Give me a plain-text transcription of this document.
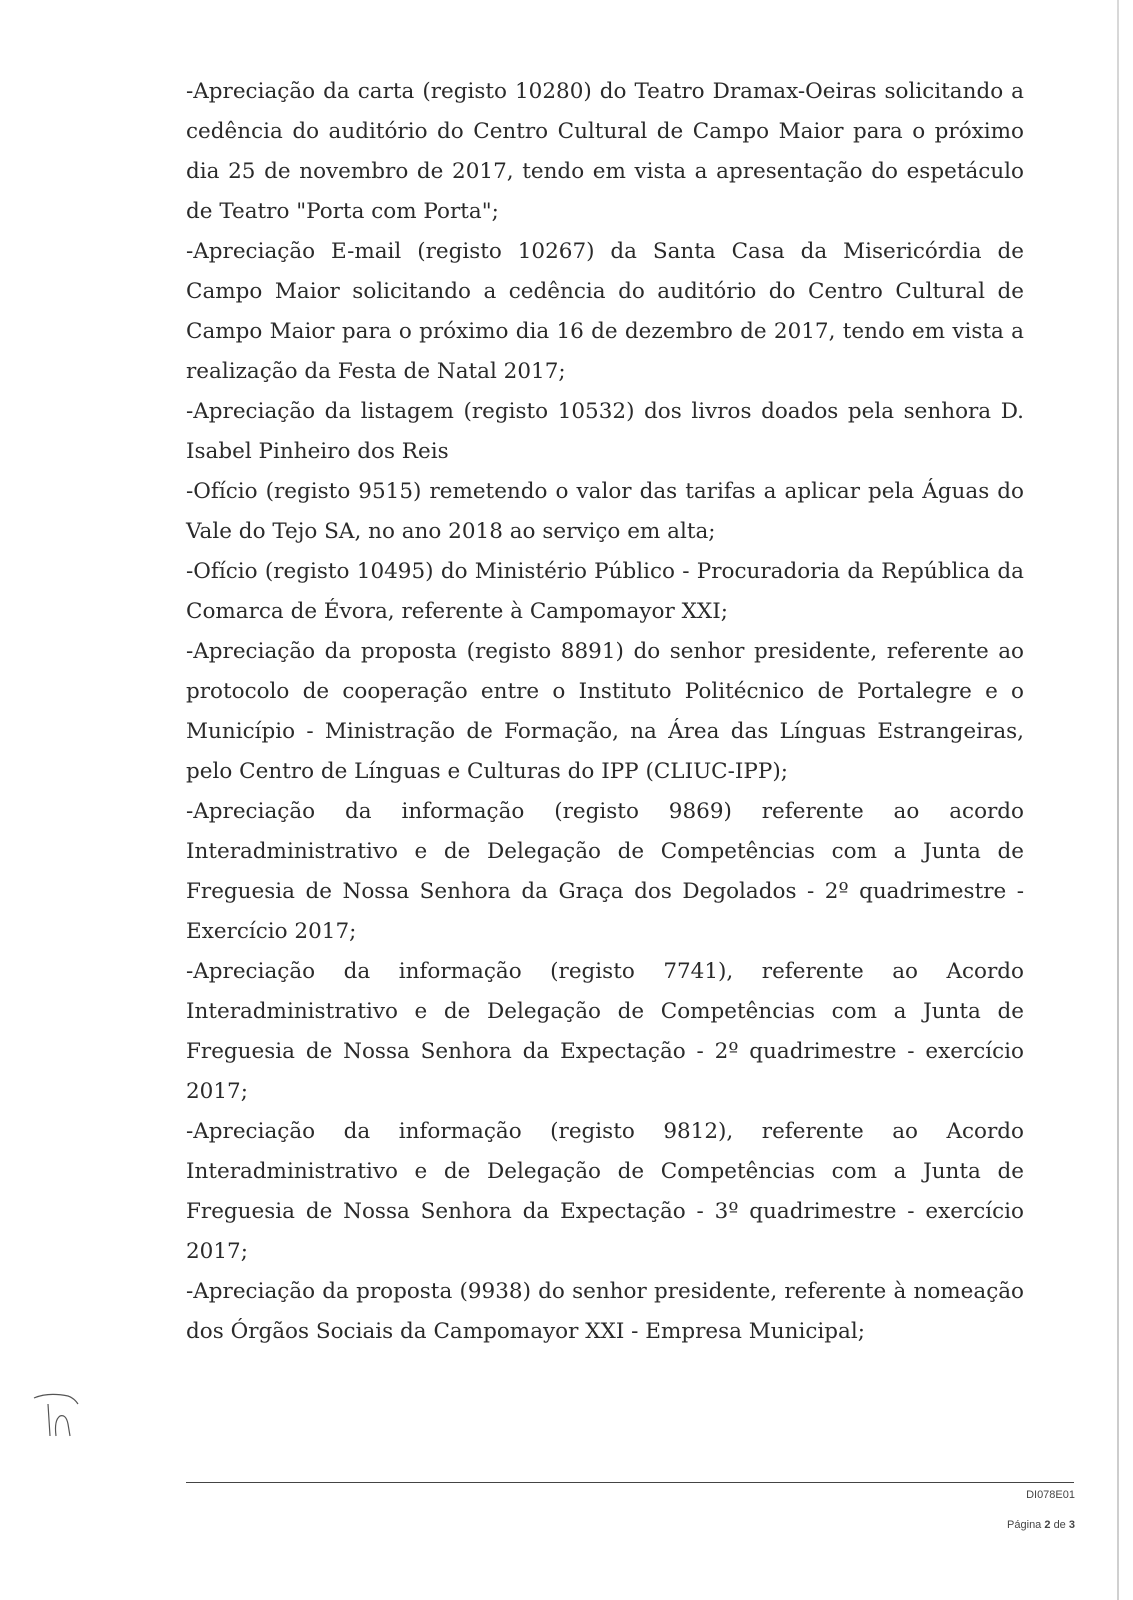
-Apreciação da carta (registo 10280) do Teatro Dramax-Oeiras solicitando a cedência do auditório do Centro Cultural de Campo Maior para o próximo dia 25 de novembro de 2017, tendo em vista a apresentação do espetáculo de Teatro "Porta com Porta";

-Apreciação E-mail (registo 10267) da Santa Casa da Misericórdia de Campo Maior solicitando a cedência do auditório do Centro Cultural de Campo Maior para o próximo dia 16 de dezembro de 2017, tendo em vista a realização da Festa de Natal 2017;

-Apreciação da listagem (registo 10532) dos livros doados pela senhora D. Isabel Pinheiro dos Reis

-Ofício (registo 9515) remetendo o valor das tarifas a aplicar pela Águas do Vale do Tejo SA, no ano 2018 ao serviço em alta;

-Ofício (registo 10495) do Ministério Público - Procuradoria da República da Comarca de Évora, referente à Campomayor XXI;

-Apreciação da proposta (registo 8891) do senhor presidente, referente ao protocolo de cooperação entre o Instituto Politécnico de Portalegre e o Município - Ministração de Formação, na Área das Línguas Estrangeiras, pelo Centro de Línguas e Culturas do IPP (CLIUC-IPP);

-Apreciação da informação (registo 9869) referente ao acordo Interadministrativo e de Delegação de Competências com a Junta de Freguesia de Nossa Senhora da Graça dos Degolados - 2º quadrimestre - Exercício 2017;

-Apreciação da informação (registo 7741), referente ao Acordo Interadministrativo e de Delegação de Competências com a Junta de Freguesia de Nossa Senhora da Expectação - 2º quadrimestre - exercício 2017;

-Apreciação da informação (registo 9812), referente ao Acordo Interadministrativo e de Delegação de Competências com a Junta de Freguesia de Nossa Senhora da Expectação - 3º quadrimestre - exercício 2017;

-Apreciação da proposta (9938) do senhor presidente, referente à nomeação dos Órgãos Sociais da Campomayor XXI - Empresa Municipal;

DI078E01
Página 2 de 3
